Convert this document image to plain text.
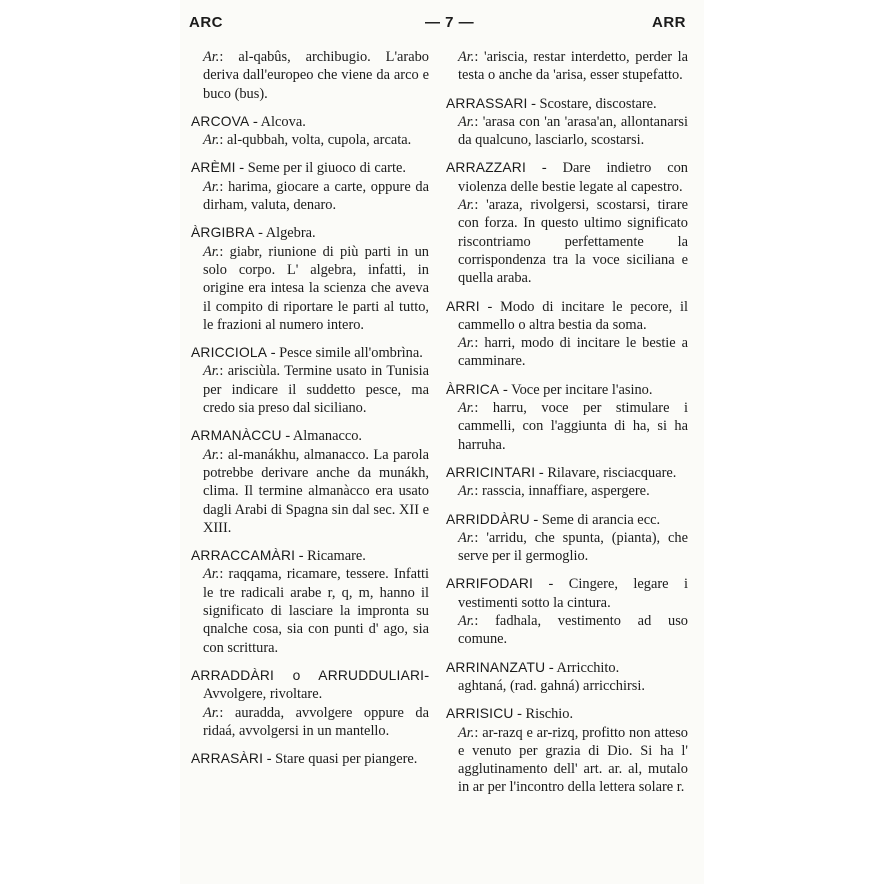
ARC	— 7 —	ARR

Ar.: al-qabûs, archibugio. L'arabo deriva dall'europeo che viene da arco e buco (bus).

ARCOVA - Alcova.

Ar.: al-qubbah, volta, cupola, arcata.

ARÈMI - Seme per il giuoco di carte.

Ar.: harima, giocare a carte, oppure da dirham, valuta, denaro.

ÀRGIBRA - Algebra.

Ar.: giabr, riunione di più parti in un solo corpo. L' algebra, infatti, in origine era intesa la scienza che aveva il compito di riportare le parti al tutto, le frazioni al numero intero.

ARICCIOLA - Pesce simile all'ombrìna.

Ar.: arisciùla. Termine usato in Tunisia per indicare il suddetto pesce, ma credo sia preso dal siciliano.

ARMANÀCCU - Almanacco.

Ar.: al-manákhu, almanacco. La parola potrebbe derivare anche da munákh, clima. Il termine almanàcco era usato dagli Arabi di Spagna sin dal sec. XII e XIII.

ARRACCAMÀRI - Ricamare.

Ar.: raqqama, ricamare, tessere. Infatti le tre radicali arabe r, q, m, hanno il significato di lasciare la impronta su qnalche cosa, sia con punti d' ago, sia con scrittura.

ARRADDÀRI o ARRUDDULIARI- Avvolgere, rivoltare.

Ar.: auradda, avvolgere oppure da ridaá, avvolgersi in un mantello.

ARRASÀRI - Stare quasi per piangere.

Ar.: 'arisсia, restar interdetto, perder la testa o anche da 'arisa, esser stupefatto.

ARRASSARI - Scostare, discostare.

Ar.: 'arasa con 'an 'arasa'an, allontanarsi da qualcuno, lasciarlo, scostarsi.

ARRAZZARI - Dare indietro con violenza delle bestie legate al capestro.

Ar.: 'araza, rivolgersi, scostarsi, tirare con forza. In questo ultimo significato riscontriamo perfettamente la corrispondenza tra la voce siciliana e quella araba.

ARRI - Modo di incitare le pecore, il cammello o altra bestia da soma.

Ar.: harri, modo di incitare le bestie a camminare.

ÀRRICA - Voce per incitare l'asino.

Ar.: harru, voce per stimulare i cammelli, con l'aggiunta di ha, si ha harruha.

ARRICINTARI - Rilavare, risciacquare.

Ar.: rasscia, innaffiare, aspergere.

ARRIDDÀRU - Seme di arancia ecc.

Ar.: 'arridu, che spunta, (pianta), che serve per il germoglio.

ARRIFODARI - Cingere, legare i vestimenti sotto la cintura.

Ar.: fadhala, vestimento ad uso comune.

ARRINANZATU - Arricchito.

aghtaná, (rad. gahná) arricchirsi.

ARRISICU - Rischio.

Ar.: ar-razq e ar-rizq, profitto non atteso e venuto per grazia di Dio. Si ha l' agglutinamento dell' art. ar. al, mutalo in ar per l'incontro della lettera solare r.
